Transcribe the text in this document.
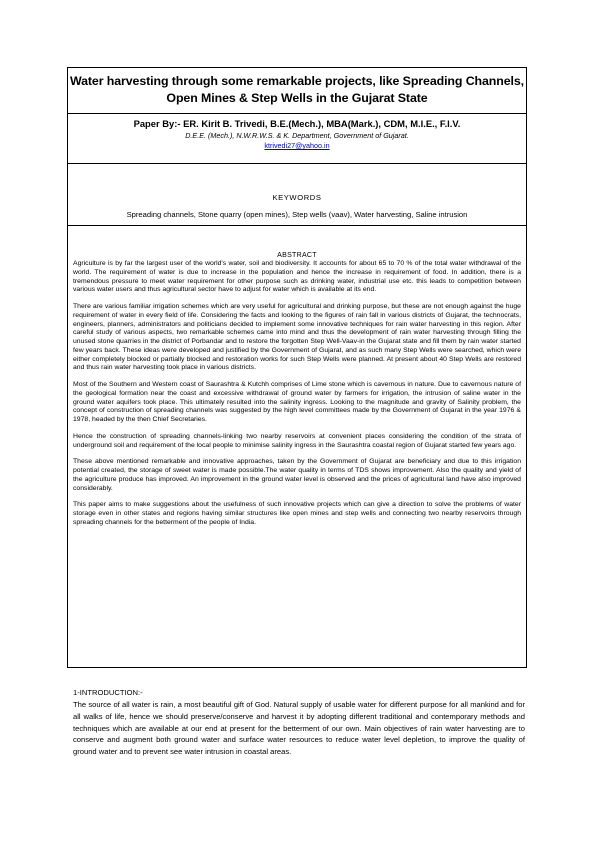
Water harvesting through some remarkable projects, like Spreading Channels, Open Mines & Step Wells in the Gujarat State
Paper By:- ER. Kirit B. Trivedi, B.E.(Mech.), MBA(Mark.), CDM, M.I.E., F.I.V.
D.E.E. (Mech.), N.W.R.W.S. & K. Department, Government of Gujarat.
ktrivedi27@yahoo.in
KEYWORDS
Spreading channels, Stone quarry (open mines), Step wells (vaav), Water harvesting, Saline intrusion
ABSTRACT

Agriculture is by far the largest user of the world's water, soil and biodiversity. It accounts for about 65 to 70 % of the total water withdrawal of the world. The requirement of water is due to increase in the population and hence the increase in requirement of food. In addition, there is a tremendous pressure to meet water requirement for other purpose such as drinking water, industrial use etc. this leads to competition between various water users and thus agricultural sector have to adjust for water which is available at its end.

There are various familiar irrigation schemes which are very useful for agricultural and drinking purpose, but these are not enough against the huge requirement of water in every field of life. Considering the facts and looking to the figures of rain fall in various districts of Gujarat, the technocrats, engineers, planners, administrators and politicians decided to implement some innovative techniques for rain water harvesting in this region. After careful study of various aspects, two remarkable schemes came into mind and thus the development of rain water harvesting through filling the unused stone quarries in the district of Porbandar and to restore the forgotten Step Well-Vaav-in the Gujarat state and fill them by rain water started few years back. These ideas were developed and justified by the Government of Gujarat, and as such many Step Wells were searched, which were either completely blocked or partially blocked and restoration works for such Step Wells were planned. At present about 40 Step Wells are restored and thus rain water harvesting took place in various districts.

Most of the Southern and Western coast of Saurashtra & Kutchh comprises of Lime stone which is cavernous in nature. Due to cavernous nature of the geological formation near the coast and excessive withdrawal of ground water by farmers for irrigation, the intrusion of saline water in the ground water aquifers took place. This ultimately resulted into the salinity ingress. Looking to the magnitude and gravity of Salinity problem, the concept of construction of spreading channels was suggested by the high level committees made by the Government of Gujarat in the year 1976 & 1978, headed by the then Chief Secretaries.

Hence the construction of spreading channels-linking two nearby reservoirs at convenient places considering the condition of the strata of underground soil and requirement of the local people to minimise salinity ingress in the Saurashtra coastal region of Gujarat started few years ago.

These above mentioned remarkable and innovative approaches, taken by the Government of Gujarat are beneficiary and due to this irrigation potential created, the storage of sweet water is made possible.The water quality in terms of TDS shows improvement. Also the quality and yield of the agriculture produce has improved. An improvement in the ground water level is observed and the prices of agricultural land have also improved considerably.

This paper aims to make suggestions about the usefulness of such innovative projects which can give a direction to solve the problems of water storage even in other states and regions having similar structures like open mines and step wells and connecting two nearby reservoirs through spreading channels for the betterment of the people of India.

1-INTRODUCTION:-

The source of all water is rain, a most beautiful gift of God. Natural supply of usable water for different purpose for all mankind and for all walks of life, hence we should preserve/conserve and harvest it by adopting different traditional and contemporary methods and techniques which are available at our end at present for the betterment of our own. Main objectives of rain water harvesting are to conserve and augment both ground water and surface water resources to reduce water level depletion, to improve the quality of ground water and to prevent see water intrusion in coastal areas.
